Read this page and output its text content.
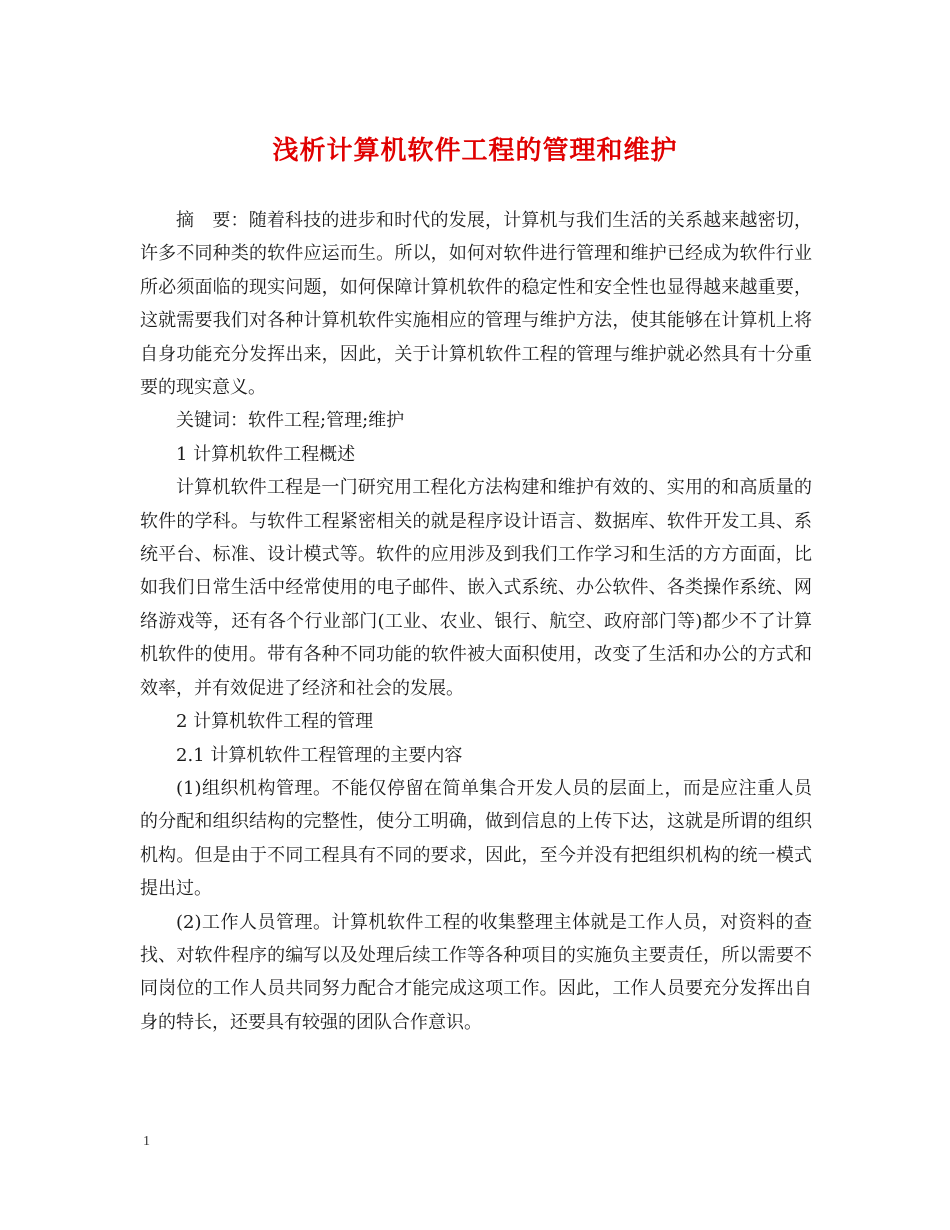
浅析计算机软件工程的管理和维护

摘　要：随着科技的进步和时代的发展，计算机与我们生活的关系越来越密切，许多不同种类的软件应运而生。所以，如何对软件进行管理和维护已经成为软件行业所必须面临的现实问题，如何保障计算机软件的稳定性和安全性也显得越来越重要，这就需要我们对各种计算机软件实施相应的管理与维护方法，使其能够在计算机上将自身功能充分发挥出来，因此，关于计算机软件工程的管理与维护就必然具有十分重要的现实意义。

关键词：软件工程;管理;维护

1 计算机软件工程概述

计算机软件工程是一门研究用工程化方法构建和维护有效的、实用的和高质量的软件的学科。与软件工程紧密相关的就是程序设计语言、数据库、软件开发工具、系统平台、标准、设计模式等。软件的应用涉及到我们工作学习和生活的方方面面，比如我们日常生活中经常使用的电子邮件、嵌入式系统、办公软件、各类操作系统、网络游戏等，还有各个行业部门(工业、农业、银行、航空、政府部门等)都少不了计算机软件的使用。带有各种不同功能的软件被大面积使用，改变了生活和办公的方式和效率，并有效促进了经济和社会的发展。

2 计算机软件工程的管理

2.1 计算机软件工程管理的主要内容

(1)组织机构管理。不能仅停留在简单集合开发人员的层面上，而是应注重人员的分配和组织结构的完整性，使分工明确，做到信息的上传下达，这就是所谓的组织机构。但是由于不同工程具有不同的要求，因此，至今并没有把组织机构的统一模式提出过。

(2)工作人员管理。计算机软件工程的收集整理主体就是工作人员，对资料的查找、对软件程序的编写以及处理后续工作等各种项目的实施负主要责任，所以需要不同岗位的工作人员共同努力配合才能完成这项工作。因此，工作人员要充分发挥出自身的特长，还要具有较强的团队合作意识。

1
